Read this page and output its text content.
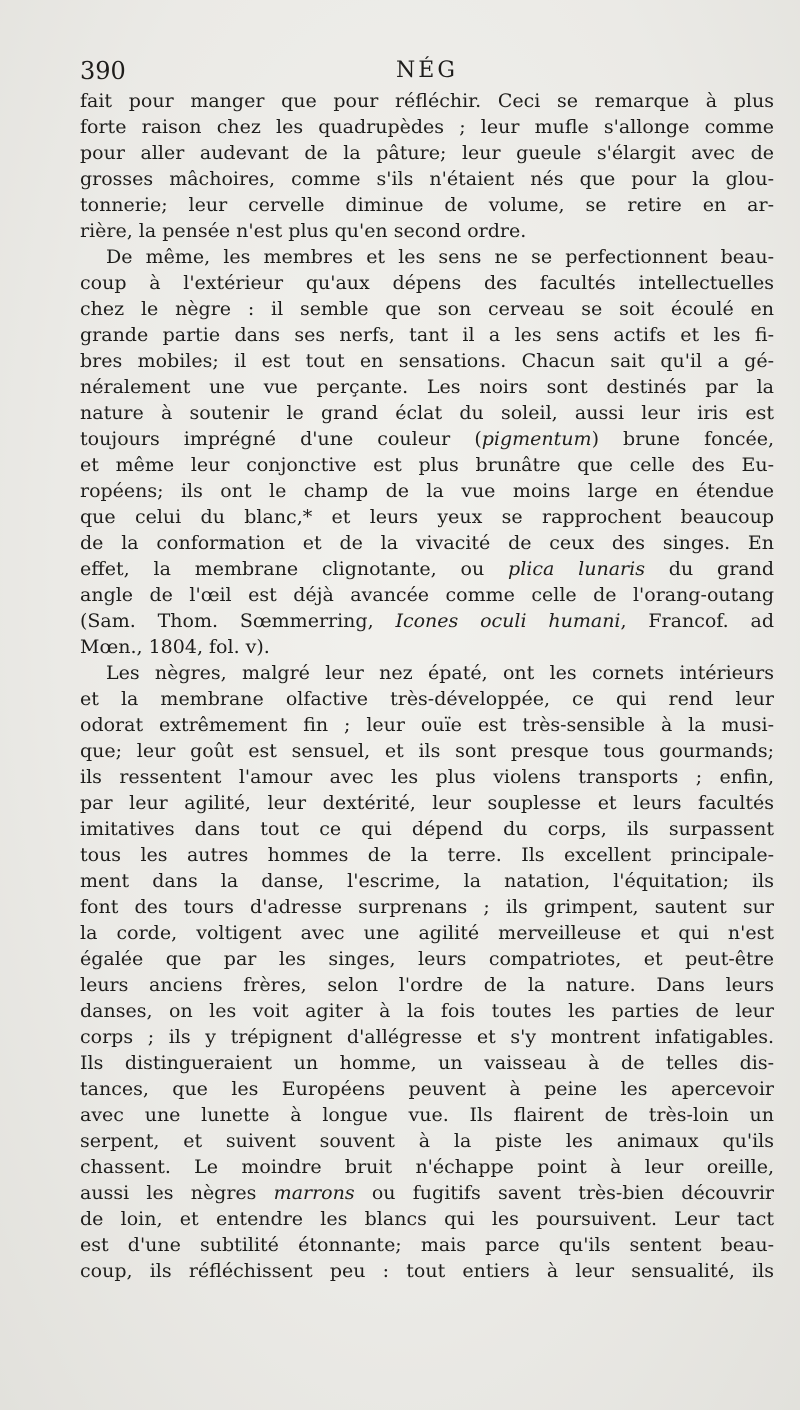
390	NÉG
fait pour manger que pour réfléchir. Ceci se remarque à plus
forte raison chez les quadrupèdes ; leur mufle s'allonge comme
pour aller audevant de la pâture; leur gueule s'élargit avec de
grosses mâchoires, comme s'ils n'étaient nés que pour la glou-
tonnerie; leur cervelle diminue de volume, se retire en ar-
rière, la pensée n'est plus qu'en second ordre.
De même, les membres et les sens ne se perfectionnent beau-
coup à l'extérieur qu'aux dépens des facultés intellectuelles
chez le nègre : il semble que son cerveau se soit écoulé en
grande partie dans ses nerfs, tant il a les sens actifs et les fi-
bres mobiles; il est tout en sensations. Chacun sait qu'il a gé-
néralement une vue perçante. Les noirs sont destinés par la
nature à soutenir le grand éclat du soleil, aussi leur iris est
toujours imprégné d'une couleur (pigmentum) brune foncée,
et même leur conjonctive est plus brunâtre que celle des Eu-
ropéens; ils ont le champ de la vue moins large en étendue
que celui du blanc,* et leurs yeux se rapprochent beaucoup
de la conformation et de la vivacité de ceux des singes. En
effet, la membrane clignotante, ou plica lunaris du grand
angle de l'œil est déjà avancée comme celle de l'orang-outang
(Sam. Thom. Sœmmerring, Icones oculi humani, Francof. ad
Mœn., 1804, fol. v).
Les nègres, malgré leur nez épaté, ont les cornets intérieurs
et la membrane olfactive très-développée, ce qui rend leur
odorat extrêmement fin ; leur ouïe est très-sensible à la musi-
que; leur goût est sensuel, et ils sont presque tous gourmands;
ils ressentent l'amour avec les plus violens transports ; enfin,
par leur agilité, leur dextérité, leur souplesse et leurs facultés
imitatives dans tout ce qui dépend du corps, ils surpassent
tous les autres hommes de la terre. Ils excellent principale-
ment dans la danse, l'escrime, la natation, l'équitation; ils
font des tours d'adresse surprenans ; ils grimpent, sautent sur
la corde, voltigent avec une agilité merveilleuse et qui n'est
égalée que par les singes, leurs compatriotes, et peut-être
leurs anciens frères, selon l'ordre de la nature. Dans leurs
danses, on les voit agiter à la fois toutes les parties de leur
corps ; ils y trépignent d'allégresse et s'y montrent infatigables.
Ils distingueraient un homme, un vaisseau à de telles dis-
tances, que les Européens peuvent à peine les apercevoir
avec une lunette à longue vue. Ils flairent de très-loin un
serpent, et suivent souvent à la piste les animaux qu'ils
chassent. Le moindre bruit n'échappe point à leur oreille,
aussi les nègres marrons ou fugitifs savent très-bien découvrir
de loin, et entendre les blancs qui les poursuivent. Leur tact
est d'une subtilité étonnante; mais parce qu'ils sentent beau-
coup, ils réfléchissent peu : tout entiers à leur sensualité, ils
